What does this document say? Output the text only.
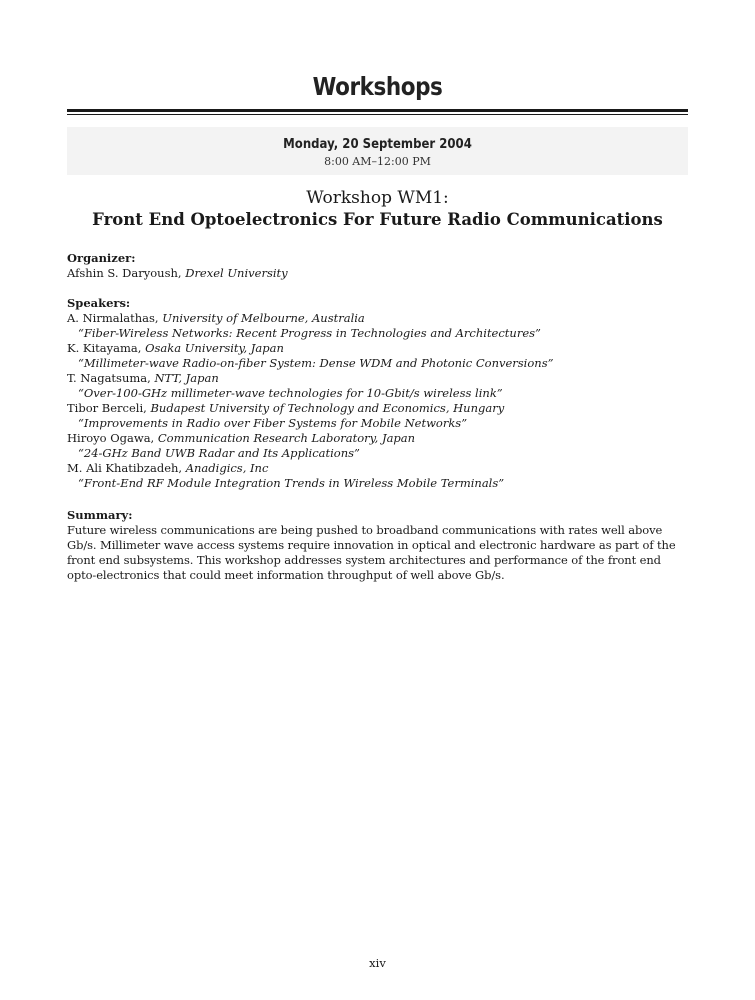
Workshops
Monday, 20 September 2004
8:00 AM–12:00 PM
Workshop WM1:
Front End Optoelectronics For Future Radio Communications
Organizer:
Afshin S. Daryoush, Drexel University
Speakers:
A. Nirmalathas, University of Melbourne, Australia
“Fiber-Wireless Networks: Recent Progress in Technologies and Architectures”
K. Kitayama, Osaka University, Japan
“Millimeter-wave Radio-on-fiber System: Dense WDM and Photonic Conversions”
T. Nagatsuma, NTT, Japan
“Over-100-GHz millimeter-wave technologies for 10-Gbit/s wireless link”
Tibor Berceli, Budapest University of Technology and Economics, Hungary
“Improvements in Radio over Fiber Systems for Mobile Networks”
Hiroyo Ogawa, Communication Research Laboratory, Japan
“24-GHz Band UWB Radar and Its Applications”
M. Ali Khatibzadeh, Anadigics, Inc
“Front-End RF Module Integration Trends in Wireless Mobile Terminals”
Summary:
Future wireless communications are being pushed to broadband communications with rates well above Gb/s. Millimeter wave access systems require innovation in optical and electronic hardware as part of the front end subsystems. This workshop addresses system architectures and performance of the front end opto-electronics that could meet information throughput of well above Gb/s.
xiv
